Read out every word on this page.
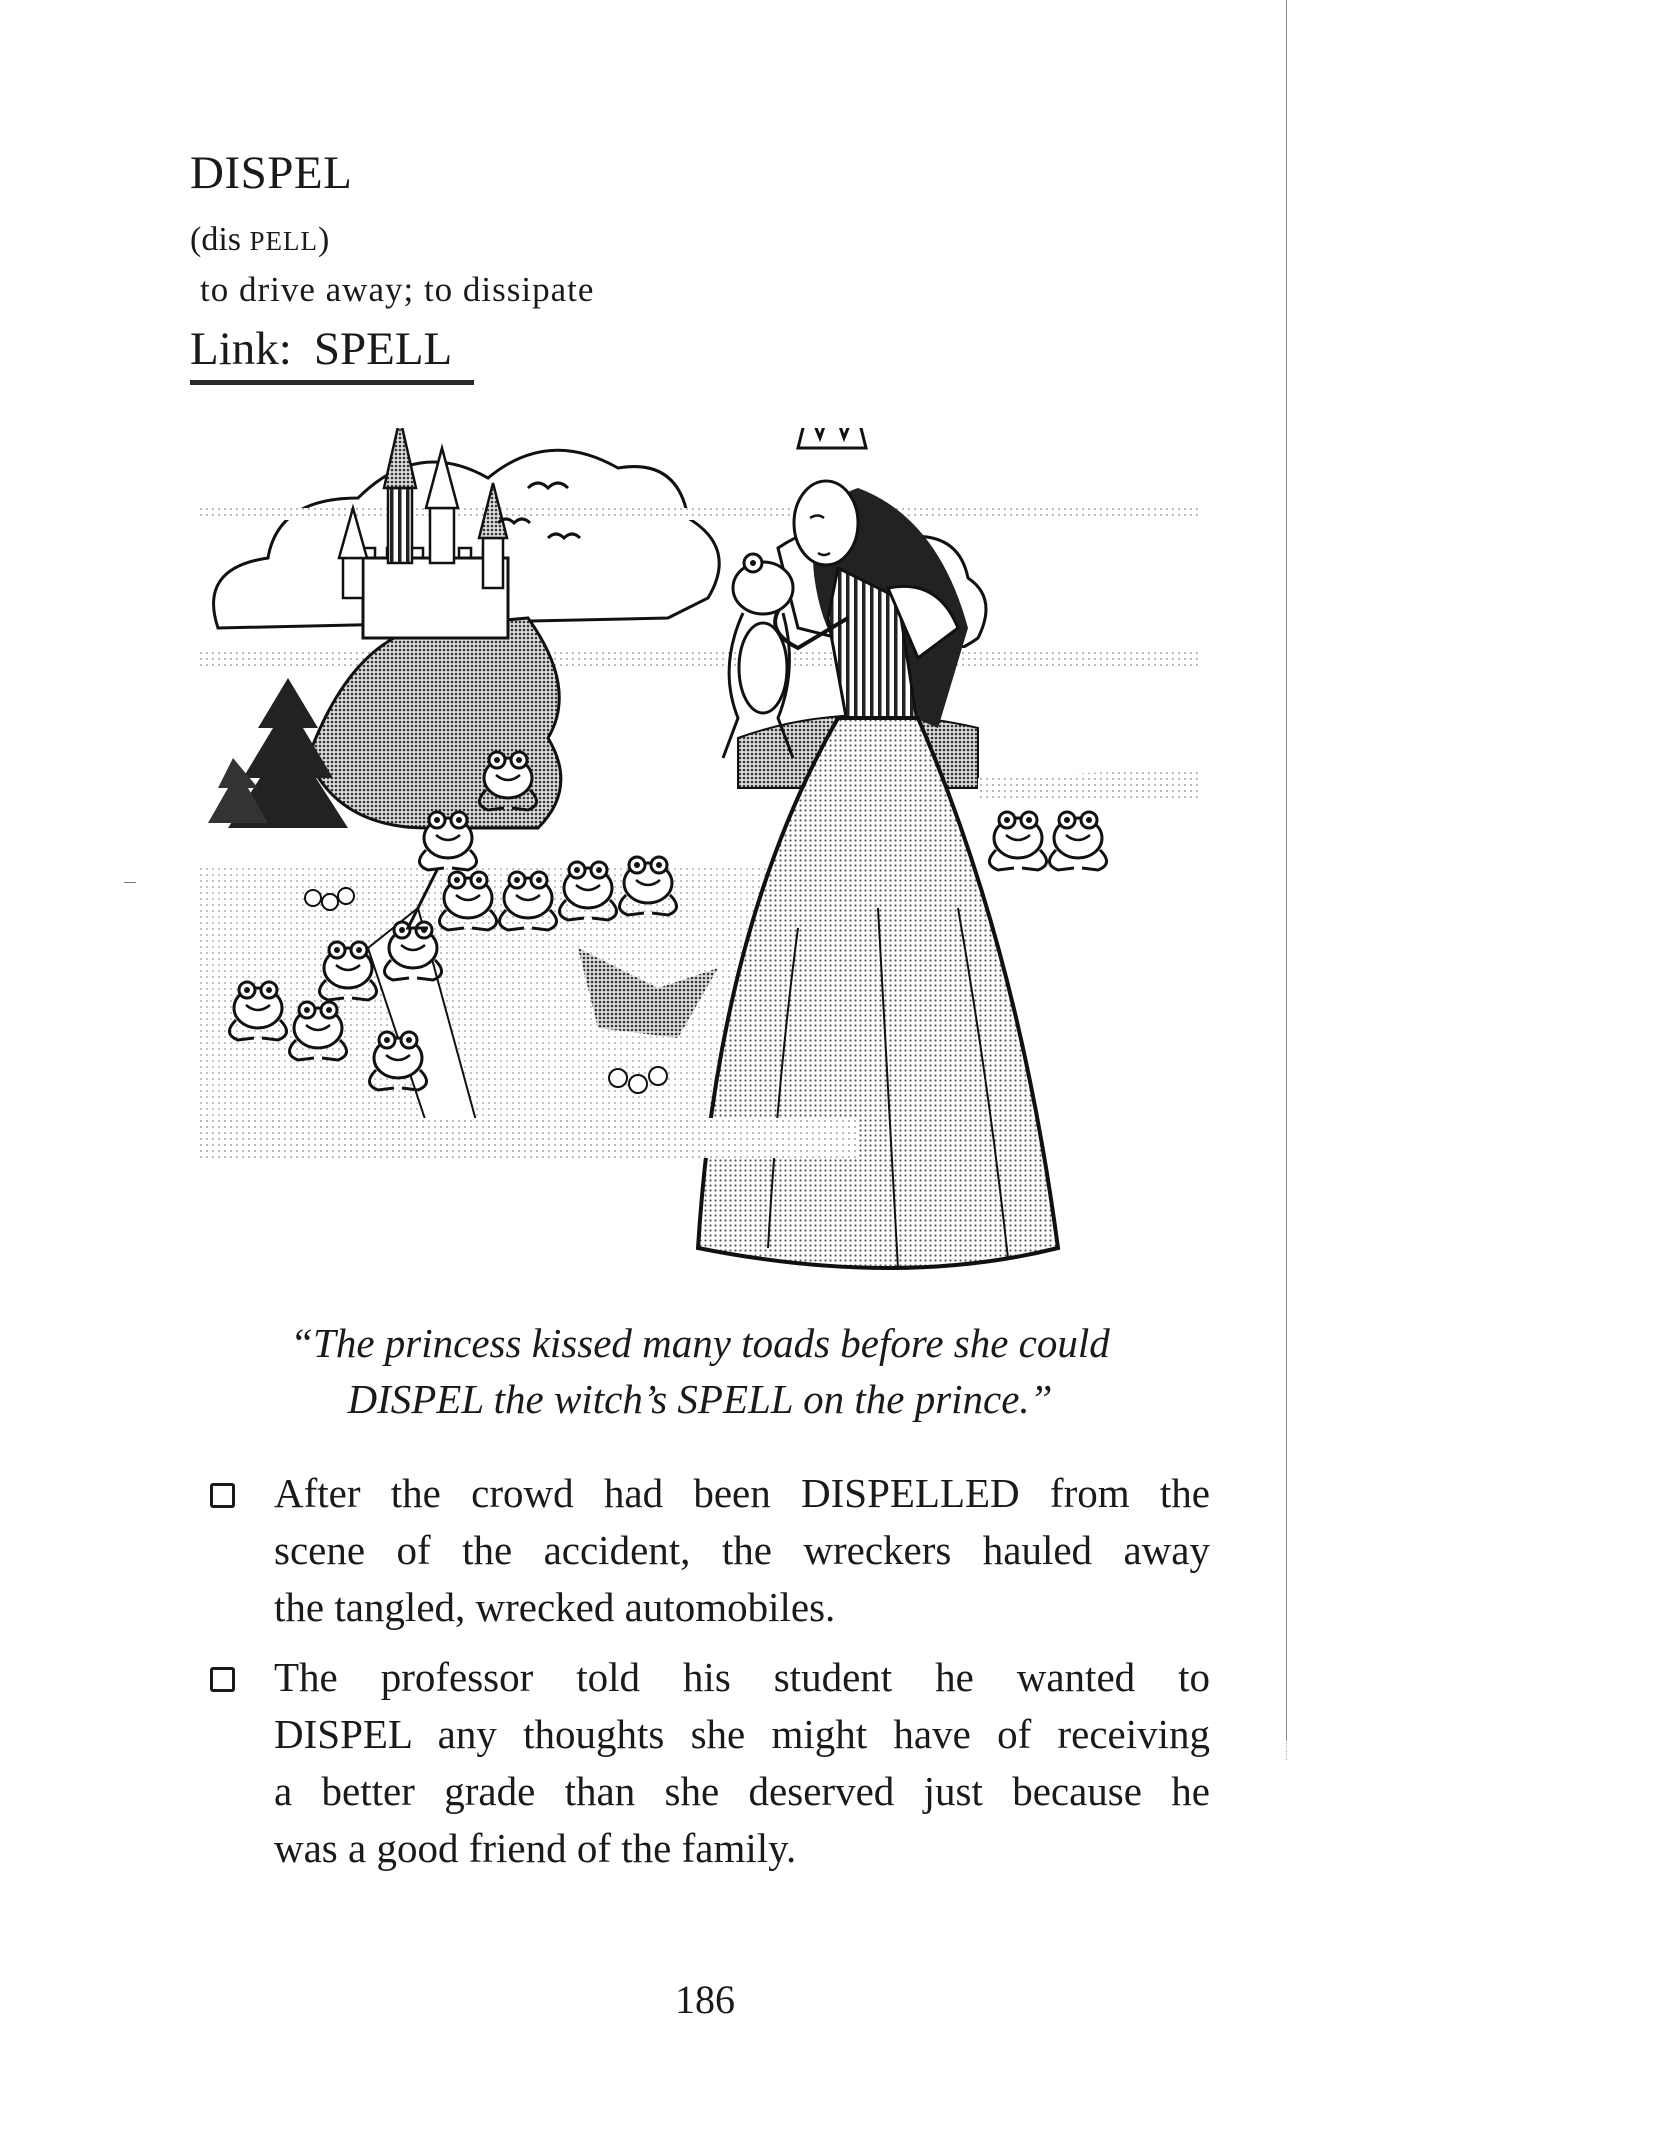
DISPEL
(dis PELL)
to drive away; to dissipate
Link: SPELL
“The princess kissed many toads before she could
DISPEL the witch’s SPELL on the prince.”
After the crowd had been DISPELLED from the
scene of the accident, the wreckers hauled away
the tangled, wrecked automobiles.
The professor told his student he wanted to
DISPEL any thoughts she might have of receiving
a better grade than she deserved just because he
was a good friend of the family.
186
